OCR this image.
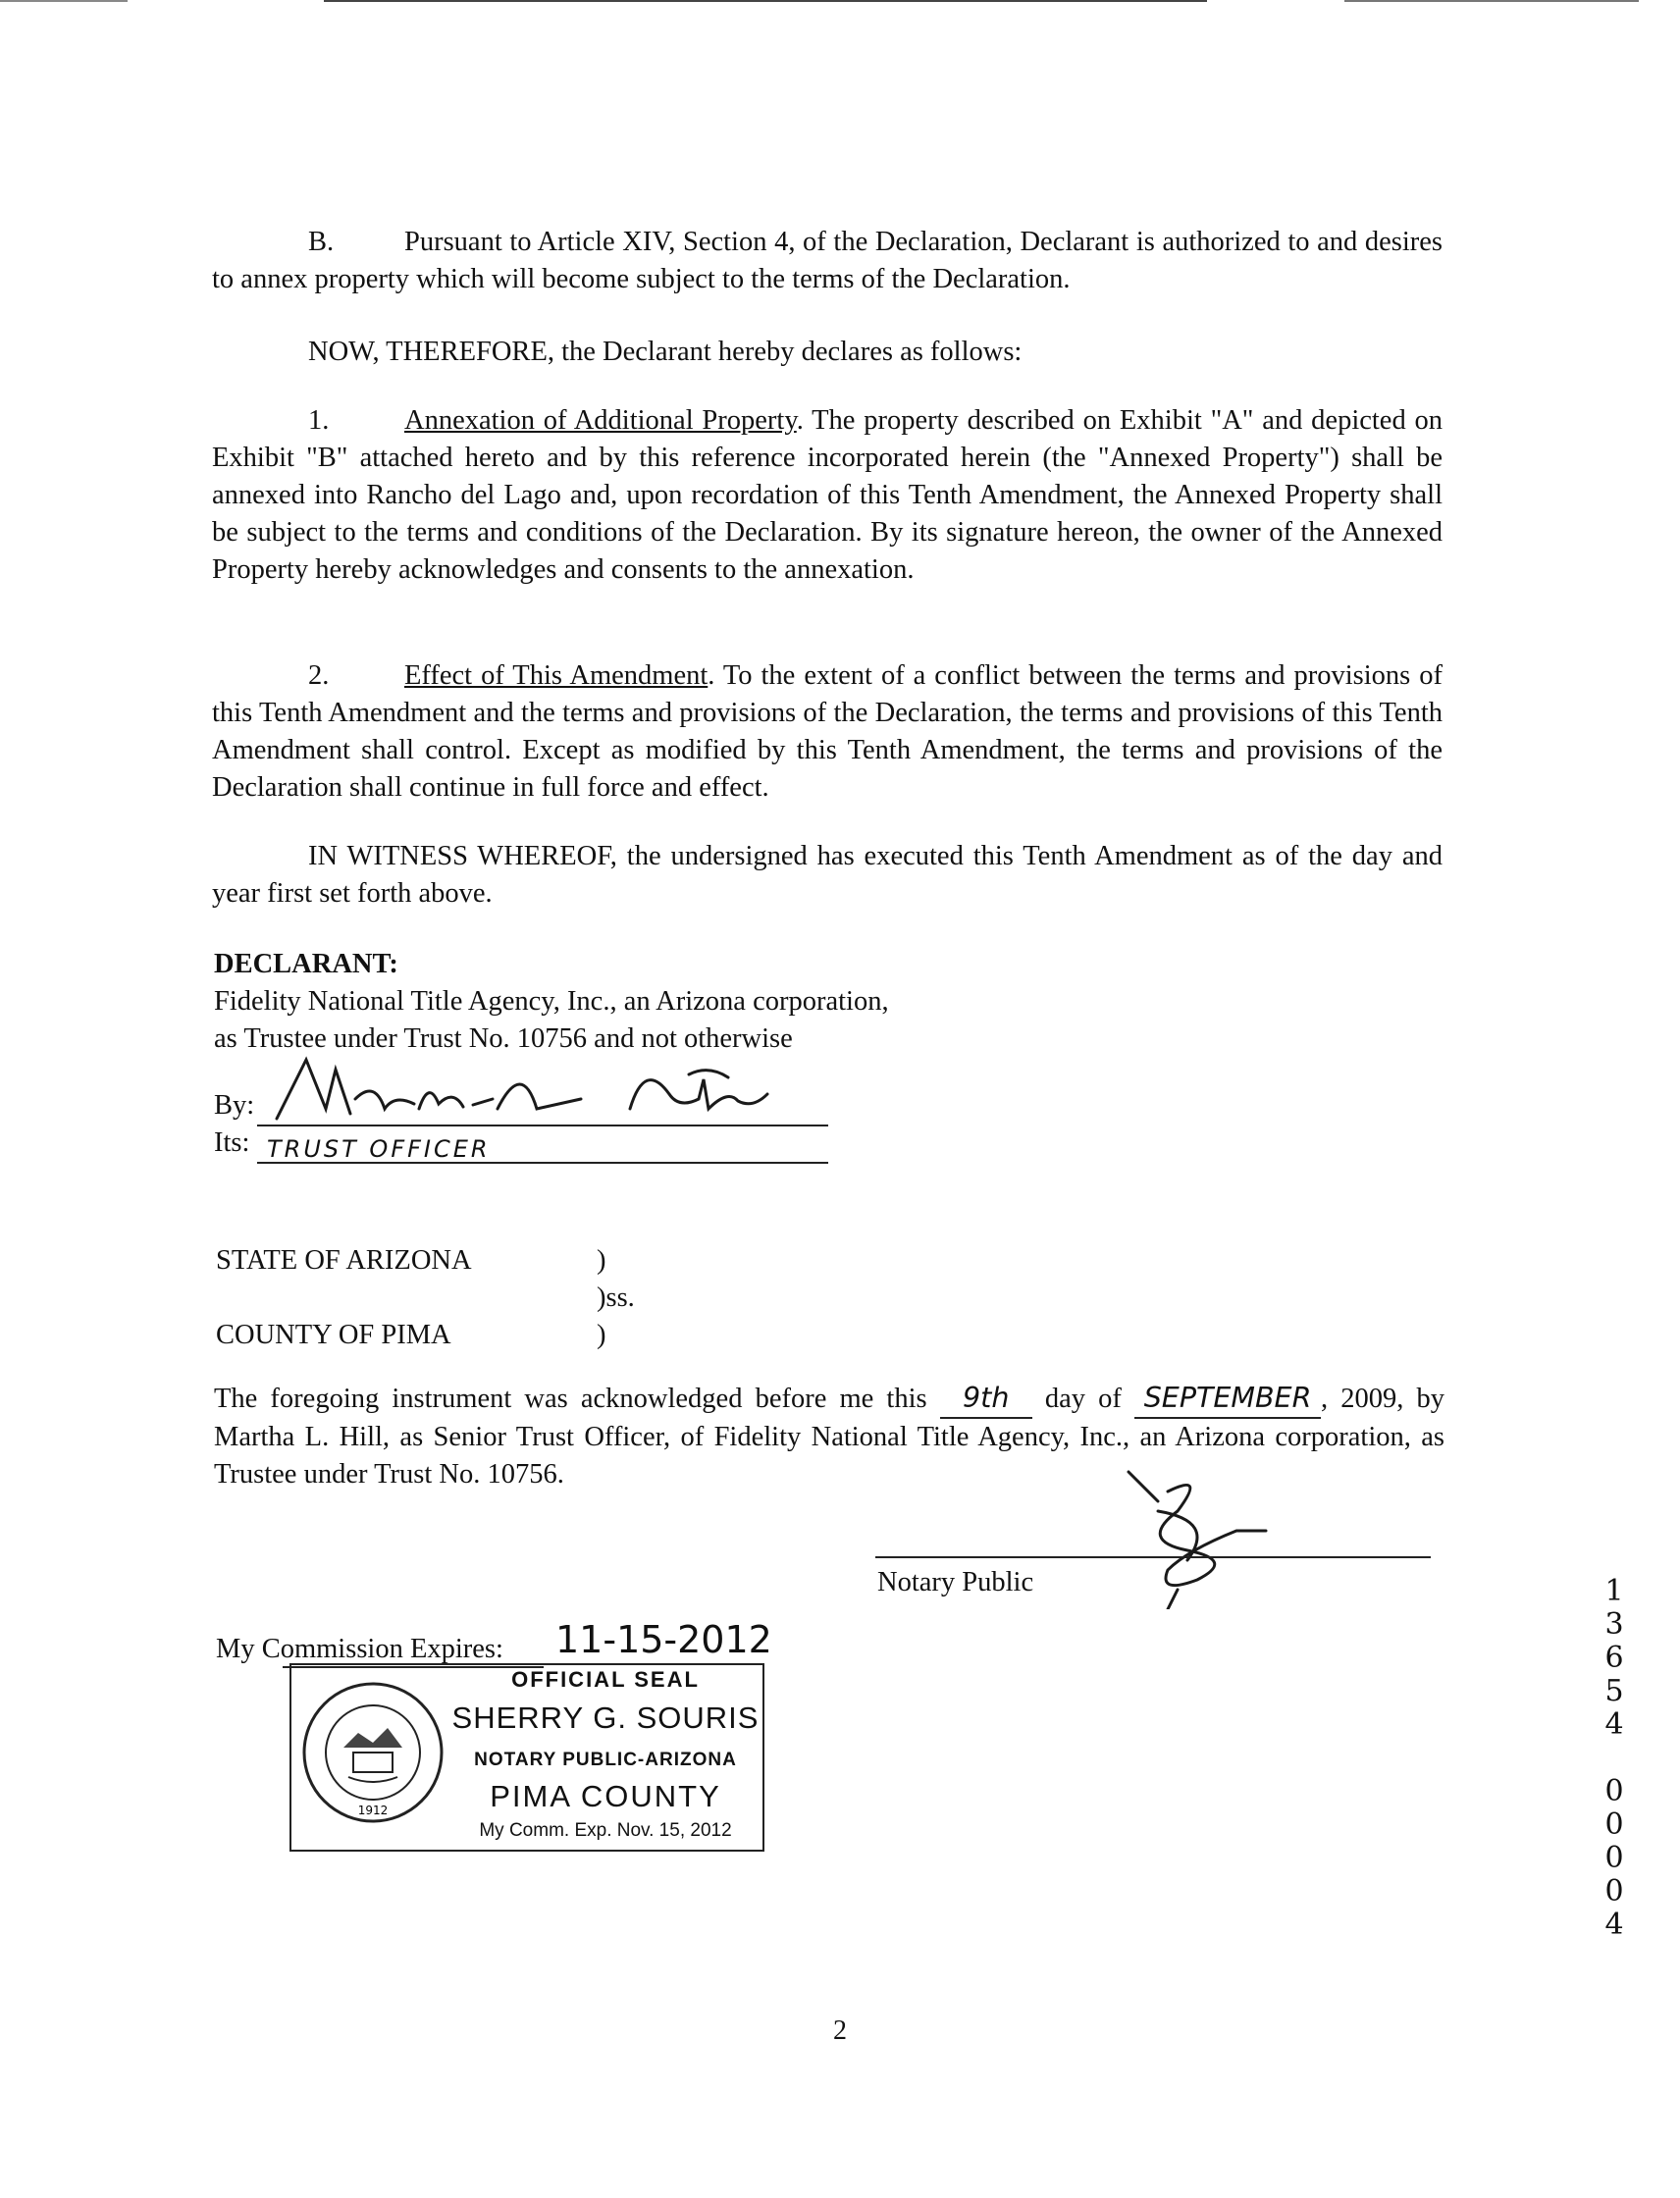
B.	Pursuant to Article XIV, Section 4, of the Declaration, Declarant is authorized to and desires to annex property which will become subject to the terms of the Declaration.

NOW, THEREFORE, the Declarant hereby declares as follows:

1.	Annexation of Additional Property. The property described on Exhibit "A" and depicted on Exhibit "B" attached hereto and by this reference incorporated herein (the "Annexed Property") shall be annexed into Rancho del Lago and, upon recordation of this Tenth Amendment, the Annexed Property shall be subject to the terms and conditions of the Declaration. By its signature hereon, the owner of the Annexed Property hereby acknowledges and consents to the annexation.

2.	Effect of This Amendment. To the extent of a conflict between the terms and provisions of this Tenth Amendment and the terms and provisions of the Declaration, the terms and provisions of this Tenth Amendment shall control. Except as modified by this Tenth Amendment, the terms and provisions of the Declaration shall continue in full force and effect.

IN WITNESS WHEREOF, the undersigned has executed this Tenth Amendment as of the day and year first set forth above.

DECLARANT:
Fidelity National Title Agency, Inc., an Arizona corporation,
as Trustee under Trust No. 10756 and not otherwise
By:
Its: TRUST OFFICER
STATE OF ARIZONA	)
)ss.
COUNTY OF PIMA	)

The foregoing instrument was acknowledged before me this 9th day of SEPTEMBER , 2009, by Martha L. Hill, as Senior Trust Officer, of Fidelity National Title Agency, Inc., an Arizona corporation, as Trustee under Trust No. 10756.

Notary Public
My Commission Expires: 11-15-2012
1912
OFFICIAL SEAL
SHERRY G. SOURIS
NOTARY PUBLIC-ARIZONA
PIMA COUNTY
My Comm. Exp. Nov. 15, 2012
1
3
6
5
4

0
0
0
0
4
2
